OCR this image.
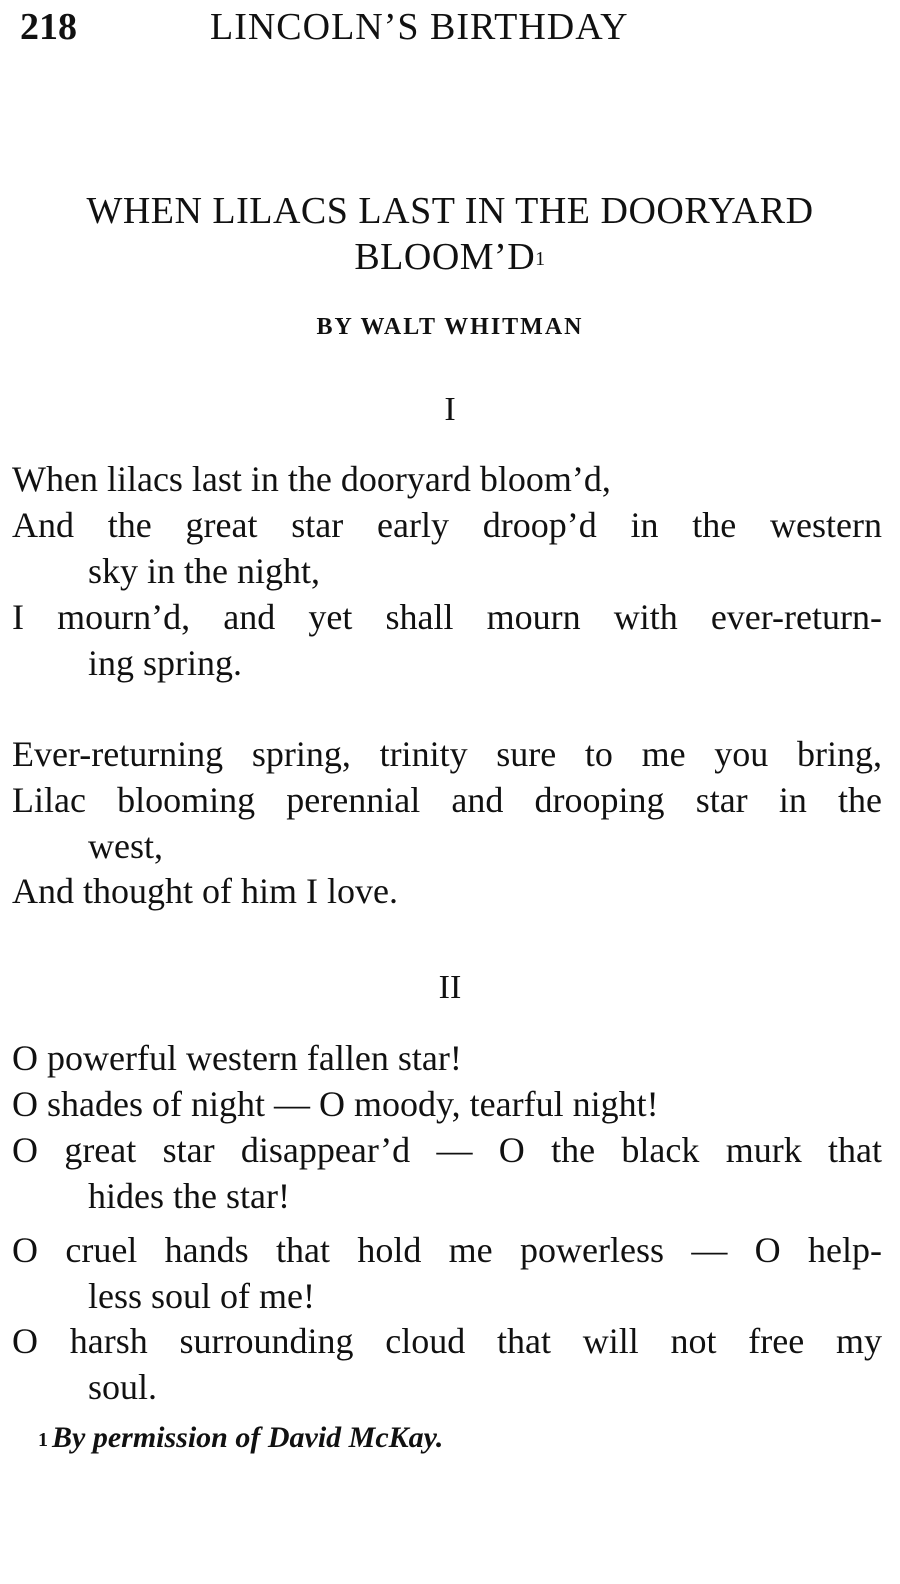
218	LINCOLN’S BIRTHDAY
WHEN LILACS LAST IN THE DOORYARD
$BLOOM’D^1$
BY WALT WHITMAN
I
When lilacs last in the dooryard bloom’d,
And the great star early droop’d in the western
sky in the night,
I mourn’d, and yet shall mourn with ever-return-
ing spring.
Ever-returning spring, trinity sure to me you bring,
Lilac blooming perennial and drooping star in the
west,
And thought of him I love.
II
O powerful western fallen star!
O shades of night — O moody, tearful night!
O great star disappear’d — O the black murk that
hides the star!
O cruel hands that hold me powerless — O help-
less soul of me!
O harsh surrounding cloud that will not free my
soul.
$^1$ By permission of David McKay.
